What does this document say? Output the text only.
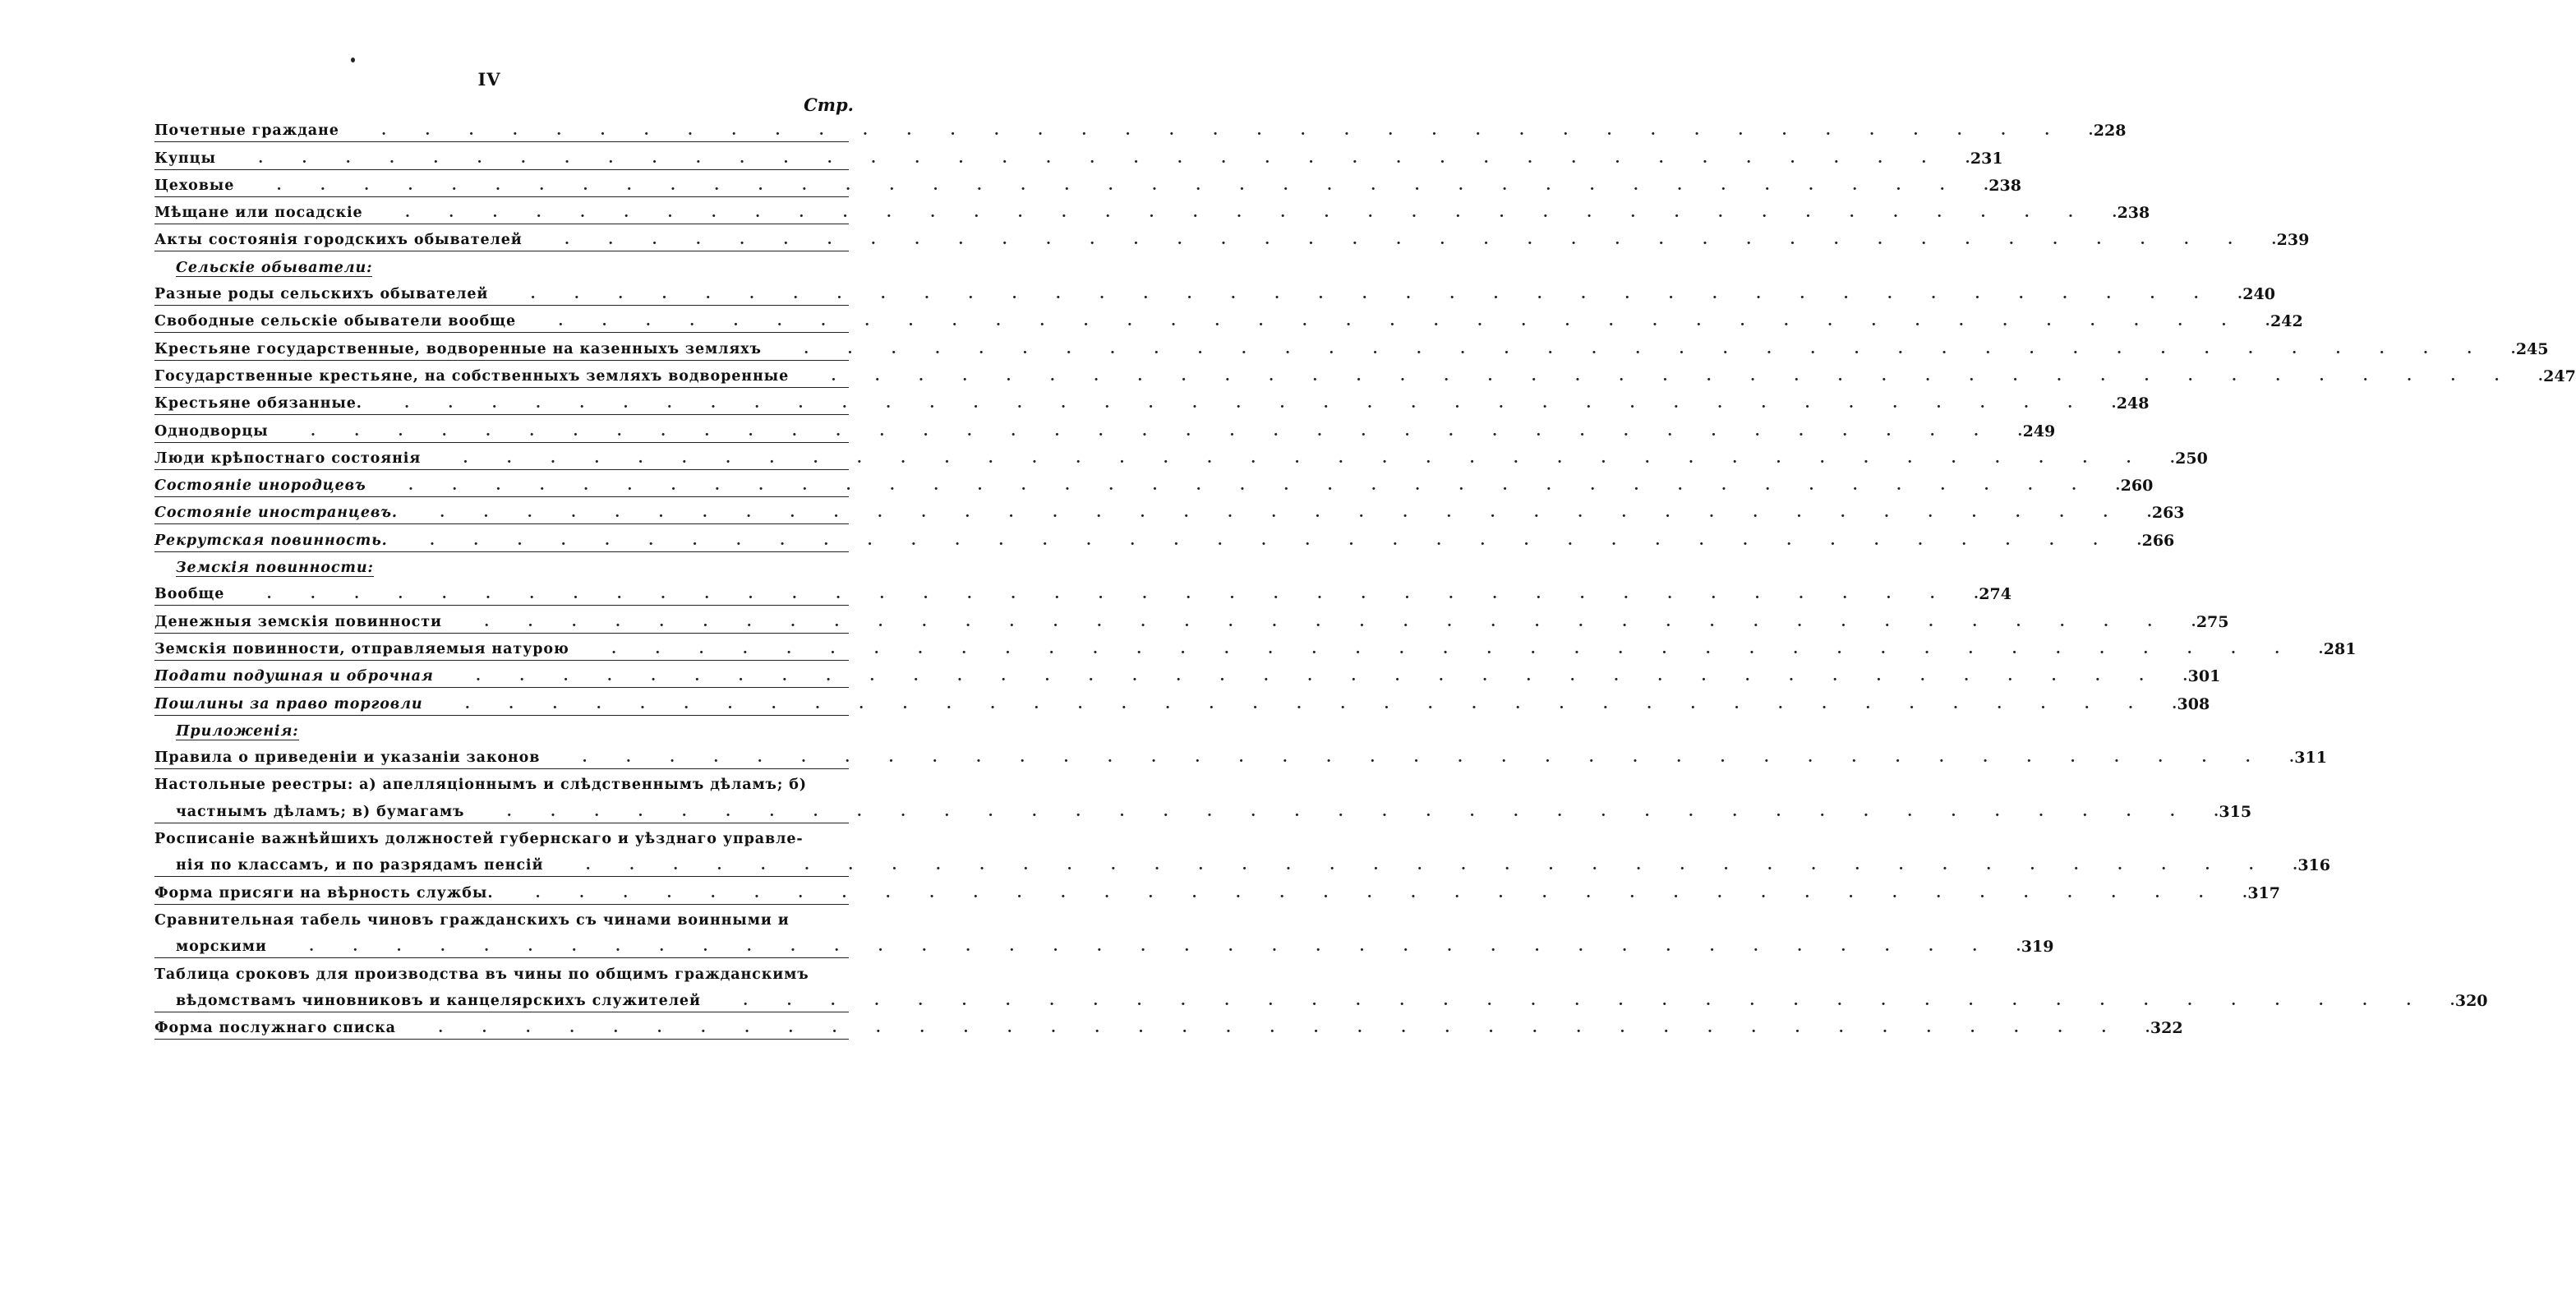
IV
Стр.
Почетные граждане .        .        .        .        .        .        .        .        .        .        .        .        .        .        .        .        .        .        .        .        .        .        .        .        .        .        .        .        .        .        .        .        .        .        .        .        .        .        .        . 228
Купцы .        .        .        .        .        .        .        .        .        .        .        .        .        .        .        .        .        .        .        .        .        .        .        .        .        .        .        .        .        .        .        .        .        .        .        .        .        .        .        . 231
Цеховые .        .        .        .        .        .        .        .        .        .        .        .        .        .        .        .        .        .        .        .        .        .        .        .        .        .        .        .        .        .        .        .        .        .        .        .        .        .        .        . 238
Мѣщане или посадскіе .        .        .        .        .        .        .        .        .        .        .        .        .        .        .        .        .        .        .        .        .        .        .        .        .        .        .        .        .        .        .        .        .        .        .        .        .        .        .        . 238
Акты состоянія городскихъ обывателей .        .        .        .        .        .        .        .        .        .        .        .        .        .        .        .        .        .        .        .        .        .        .        .        .        .        .        .        .        .        .        .        .        .        .        .        .        .        .        . 239
Сельскіе обыватели:
Разные роды сельскихъ обывателей .        .        .        .        .        .        .        .        .        .        .        .        .        .        .        .        .        .        .        .        .        .        .        .        .        .        .        .        .        .        .        .        .        .        .        .        .        .        .        . 240
Свободные сельскіе обыватели вообще .        .        .        .        .        .        .        .        .        .        .        .        .        .        .        .        .        .        .        .        .        .        .        .        .        .        .        .        .        .        .        .        .        .        .        .        .        .        .        . 242
Крестьяне государственные, водворенные на казенныхъ земляхъ .        .        .        .        .        .        .        .        .        .        .        .        .        .        .        .        .        .        .        .        .        .        .        .        .        .        .        .        .        .        .        .        .        .        .        .        .        .        .        . 245
Государственные крестьяне, на собственныхъ земляхъ водворенные .        .        .        .        .        .        .        .        .        .        .        .        .        .        .        .        .        .        .        .        .        .        .        .        .        .        .        .        .        .        .        .        .        .        .        .        .        .        .        . 247
Крестьяне обязанные. .        .        .        .        .        .        .        .        .        .        .        .        .        .        .        .        .        .        .        .        .        .        .        .        .        .        .        .        .        .        .        .        .        .        .        .        .        .        .        . 248
Однодворцы .        .        .        .        .        .        .        .        .        .        .        .        .        .        .        .        .        .        .        .        .        .        .        .        .        .        .        .        .        .        .        .        .        .        .        .        .        .        .        . 249
Люди крѣпостнаго состоянія .        .        .        .        .        .        .        .        .        .        .        .        .        .        .        .        .        .        .        .        .        .        .        .        .        .        .        .        .        .        .        .        .        .        .        .        .        .        .        . 250
Состояніе инородцевъ .        .        .        .        .        .        .        .        .        .        .        .        .        .        .        .        .        .        .        .        .        .        .        .        .        .        .        .        .        .        .        .        .        .        .        .        .        .        .        . 260
Состояніе иностранцевъ. .        .        .        .        .        .        .        .        .        .        .        .        .        .        .        .        .        .        .        .        .        .        .        .        .        .        .        .        .        .        .        .        .        .        .        .        .        .        .        . 263
Рекрутская повинность. .        .        .        .        .        .        .        .        .        .        .        .        .        .        .        .        .        .        .        .        .        .        .        .        .        .        .        .        .        .        .        .        .        .        .        .        .        .        .        . 266
Земскія повинности:
Вообще .        .        .        .        .        .        .        .        .        .        .        .        .        .        .        .        .        .        .        .        .        .        .        .        .        .        .        .        .        .        .        .        .        .        .        .        .        .        .        . 274
Денежныя земскія повинности .        .        .        .        .        .        .        .        .        .        .        .        .        .        .        .        .        .        .        .        .        .        .        .        .        .        .        .        .        .        .        .        .        .        .        .        .        .        .        . 275
Земскія повинности, отправляемыя натурою .        .        .        .        .        .        .        .        .        .        .        .        .        .        .        .        .        .        .        .        .        .        .        .        .        .        .        .        .        .        .        .        .        .        .        .        .        .        .        . 281
Подати подушная и оброчная .        .        .        .        .        .        .        .        .        .        .        .        .        .        .        .        .        .        .        .        .        .        .        .        .        .        .        .        .        .        .        .        .        .        .        .        .        .        .        . 301
Пошлины за право торговли .        .        .        .        .        .        .        .        .        .        .        .        .        .        .        .        .        .        .        .        .        .        .        .        .        .        .        .        .        .        .        .        .        .        .        .        .        .        .        . 308
Приложенія:
Правила о приведеніи и указаніи законов .        .        .        .        .        .        .        .        .        .        .        .        .        .        .        .        .        .        .        .        .        .        .        .        .        .        .        .        .        .        .        .        .        .        .        .        .        .        .        . 311
Настольные реестры: а) апелляціоннымъ и слѣдственнымъ дѣламъ; б)
частнымъ дѣламъ; в) бумагамъ .        .        .        .        .        .        .        .        .        .        .        .        .        .        .        .        .        .        .        .        .        .        .        .        .        .        .        .        .        .        .        .        .        .        .        .        .        .        .        . 315
Росписаніе важнѣйшихъ должностей губернскаго и уѣзднаго управле-
нія по классамъ, и по разрядамъ пенсій .        .        .        .        .        .        .        .        .        .        .        .        .        .        .        .        .        .        .        .        .        .        .        .        .        .        .        .        .        .        .        .        .        .        .        .        .        .        .        . 316
Форма присяги на вѣрность службы. .        .        .        .        .        .        .        .        .        .        .        .        .        .        .        .        .        .        .        .        .        .        .        .        .        .        .        .        .        .        .        .        .        .        .        .        .        .        .        . 317
Сравнительная табель чиновъ гражданскихъ съ чинами воинными и
морскими .        .        .        .        .        .        .        .        .        .        .        .        .        .        .        .        .        .        .        .        .        .        .        .        .        .        .        .        .        .        .        .        .        .        .        .        .        .        .        . 319
Таблица сроковъ для производства въ чины по общимъ гражданскимъ
вѣдомствамъ чиновниковъ и канцелярскихъ служителей .        .        .        .        .        .        .        .        .        .        .        .        .        .        .        .        .        .        .        .        .        .        .        .        .        .        .        .        .        .        .        .        .        .        .        .        .        .        .        . 320
Форма послужнаго списка .        .        .        .        .        .        .        .        .        .        .        .        .        .        .        .        .        .        .        .        .        .        .        .        .        .        .        .        .        .        .        .        .        .        .        .        .        .        .        . 322
